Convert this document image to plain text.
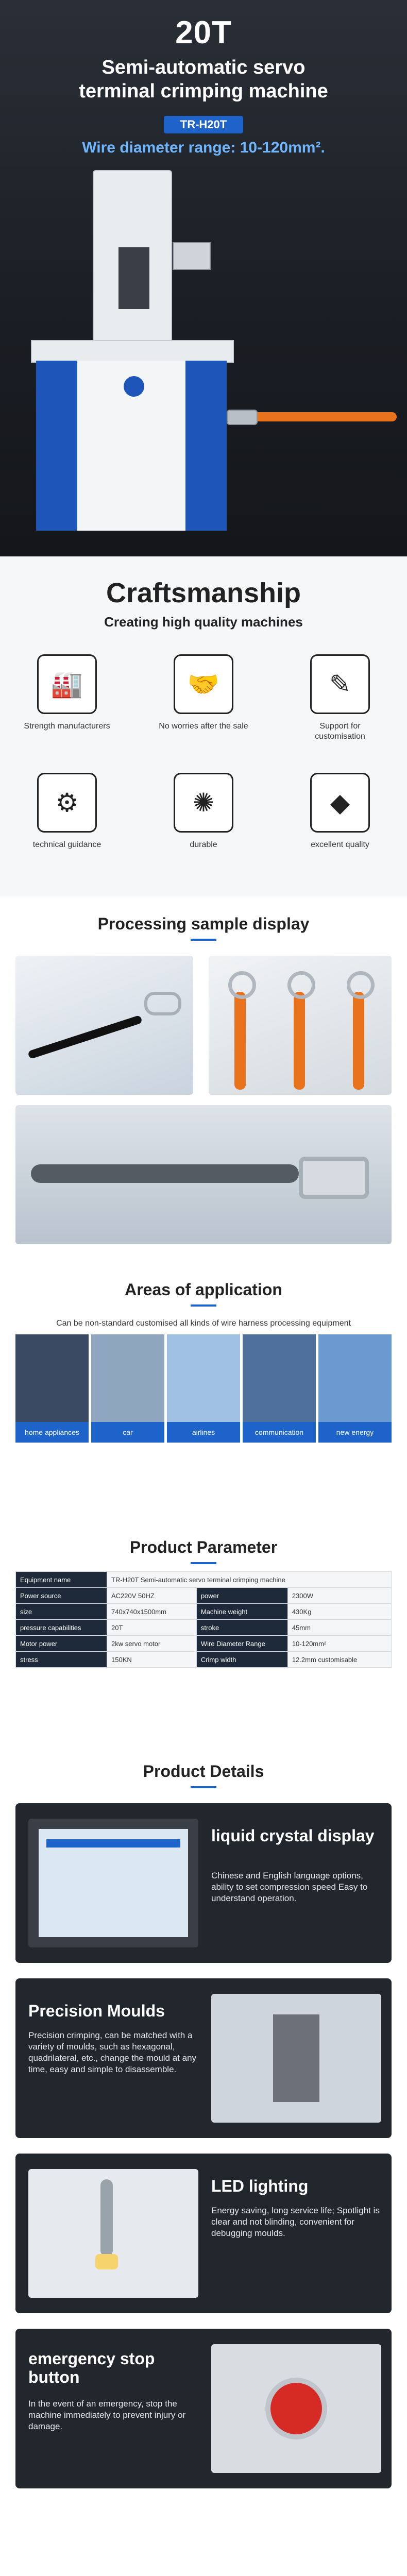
20T
Semi-automatic servo
terminal crimping machine
TR-H20T
Wire diameter range: 10-120mm².
Craftsmanship
Creating high quality machines
🏭
Strength manufacturers
🤝
No worries after the sale
✎
Support for customisation
⚙
technical guidance
✺
durable
◆
excellent quality
Processing sample display
Areas of application
Can be non-standard customised all kinds of wire harness processing equipment
home appliances	car	airlines	communication	new energy
Product Parameter
Equipment name	TR-H20T Semi-automatic servo terminal crimping machine		
Power source	AC220V 50HZ	power	2300W
size	740x740x1500mm	Machine weight	430Kg
pressure capabilities	20T	stroke	45mm
Motor power	2kw servo motor	Wire Diameter Range	10-120mm²
stress	150KN	Crimp width	12.2mm customisable
Product Details
liquid crystal display

Chinese and English language options, ability to set compression speed Easy to understand operation.

Precision Moulds

Precision crimping, can be matched with a variety of moulds, such as hexagonal, quadrilateral, etc., change the mould at any time, easy and simple to disassemble.

LED lighting

Energy saving, long service life; Spotlight is clear and not blinding, convenient for debugging moulds.

emergency stop button

In the event of an emergency, stop the machine immediately to prevent injury or damage.
